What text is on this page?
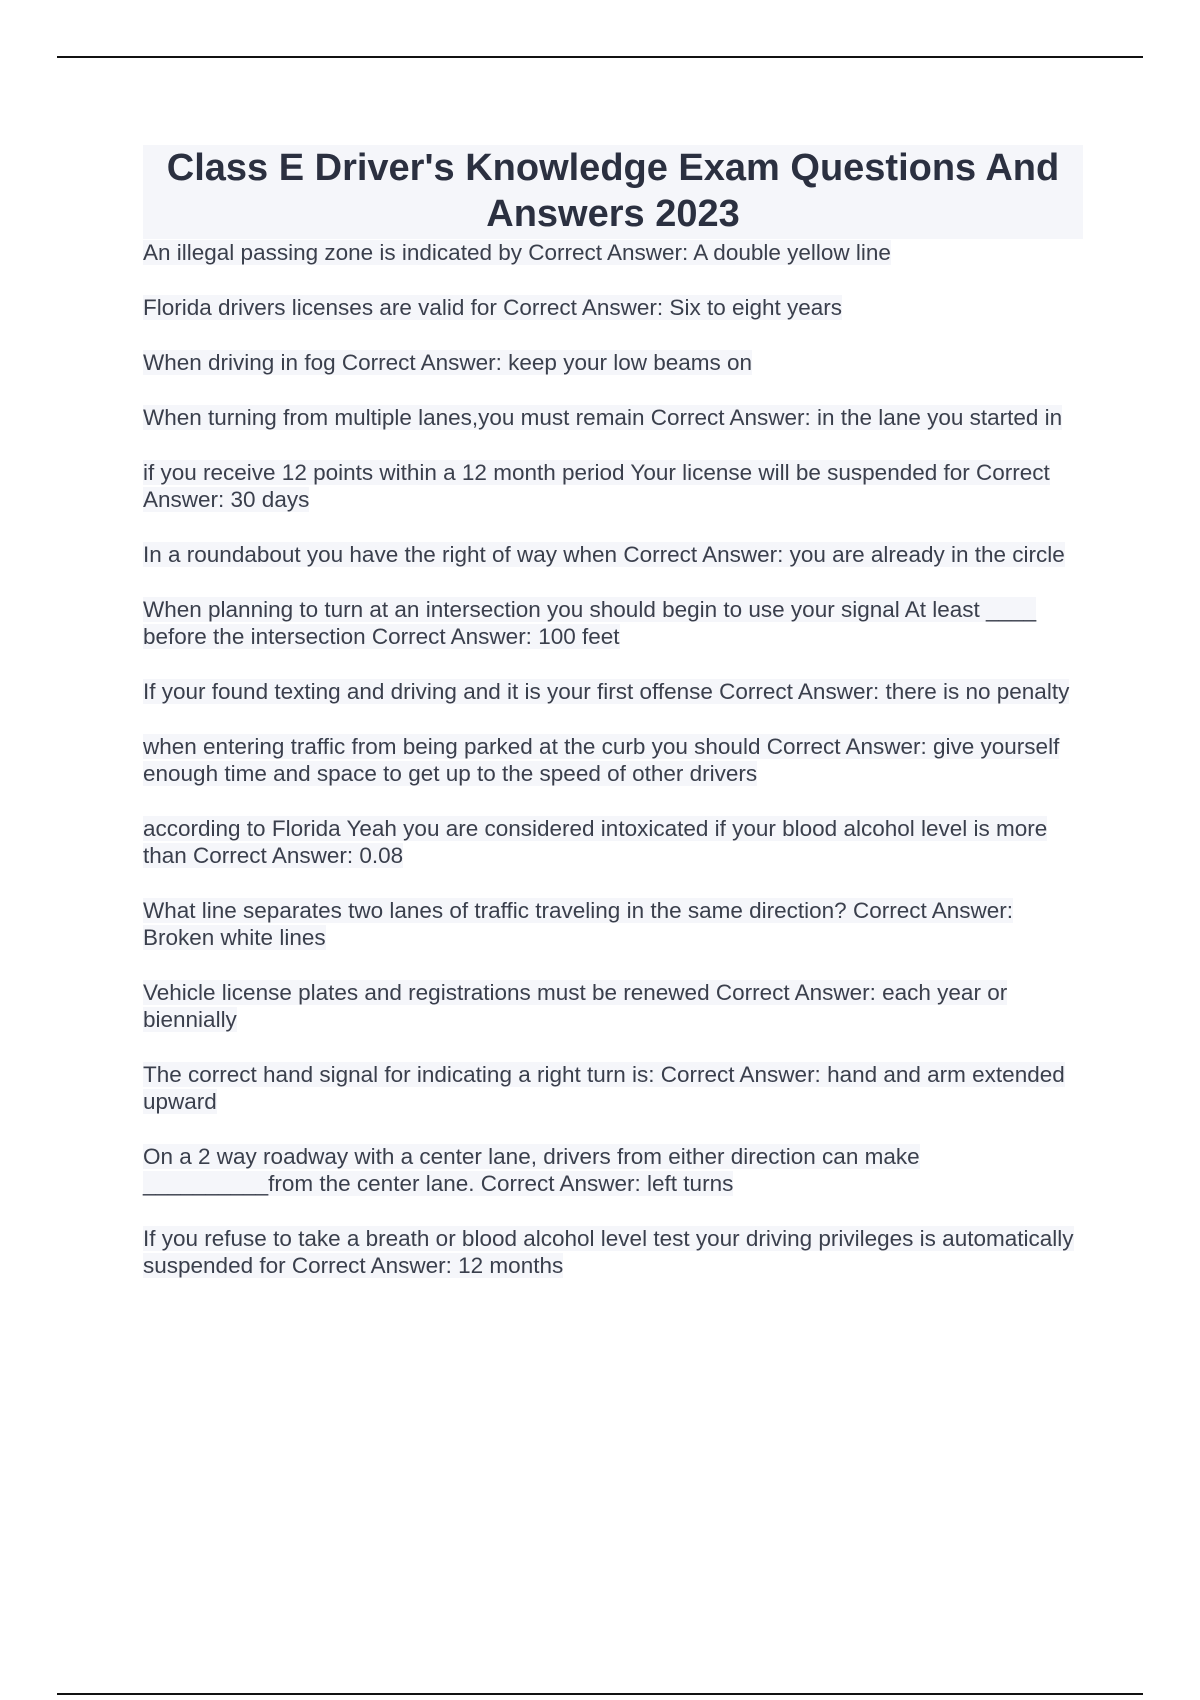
Class E Driver's Knowledge Exam Questions And Answers 2023
An illegal passing zone is indicated by Correct Answer: A double yellow line
Florida drivers licenses are valid for Correct Answer: Six to eight years
When driving in fog Correct Answer: keep your low beams on
When turning from multiple lanes,you must remain Correct Answer: in the lane you started in
if you receive 12 points within a 12 month period Your license will be suspended for Correct Answer: 30 days
In a roundabout you have the right of way when Correct Answer: you are already in the circle
When planning to turn at an intersection you should begin to use your signal At least ____ before the intersection Correct Answer: 100 feet
If your found texting and driving and it is your first offense Correct Answer: there is no penalty
when entering traffic from being parked at the curb you should Correct Answer: give yourself enough time and space to get up to the speed of other drivers
according to Florida Yeah you are considered intoxicated if your blood alcohol level is more than Correct Answer: 0.08
What line separates two lanes of traffic traveling in the same direction? Correct Answer: Broken white lines
Vehicle license plates and registrations must be renewed Correct Answer: each year or biennially
The correct hand signal for indicating a right turn is: Correct Answer: hand and arm extended upward
On a 2 way roadway with a center lane, drivers from either direction can make __________from the center lane. Correct Answer: left turns
If you refuse to take a breath or blood alcohol level test your driving privileges is automatically suspended for Correct Answer: 12 months
